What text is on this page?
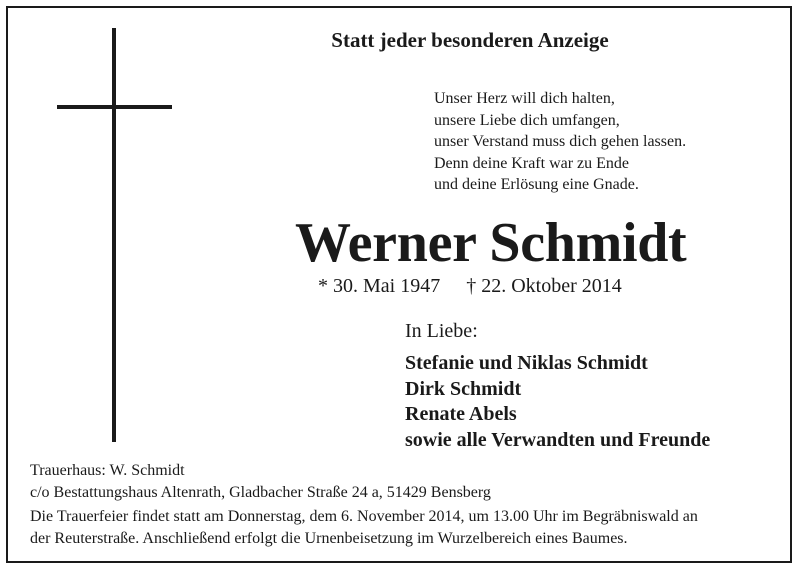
Statt jeder besonderen Anzeige
Unser Herz will dich halten,
unsere Liebe dich umfangen,
unser Verstand muss dich gehen lassen.
Denn deine Kraft war zu Ende
und deine Erlösung eine Gnade.
Werner Schmidt
* 30. Mai 1947 † 22. Oktober 2014
In Liebe:
Stefanie und Niklas Schmidt
Dirk Schmidt
Renate Abels
sowie alle Verwandten und Freunde
Trauerhaus: W. Schmidt
c/o Bestattungshaus Altenrath, Gladbacher Straße 24 a, 51429 Bensberg
Die Trauerfeier findet statt am Donnerstag, dem 6. November 2014, um 13.00 Uhr im Begräbniswald an
der Reuterstraße. Anschließend erfolgt die Urnenbeisetzung im Wurzelbereich eines Baumes.
